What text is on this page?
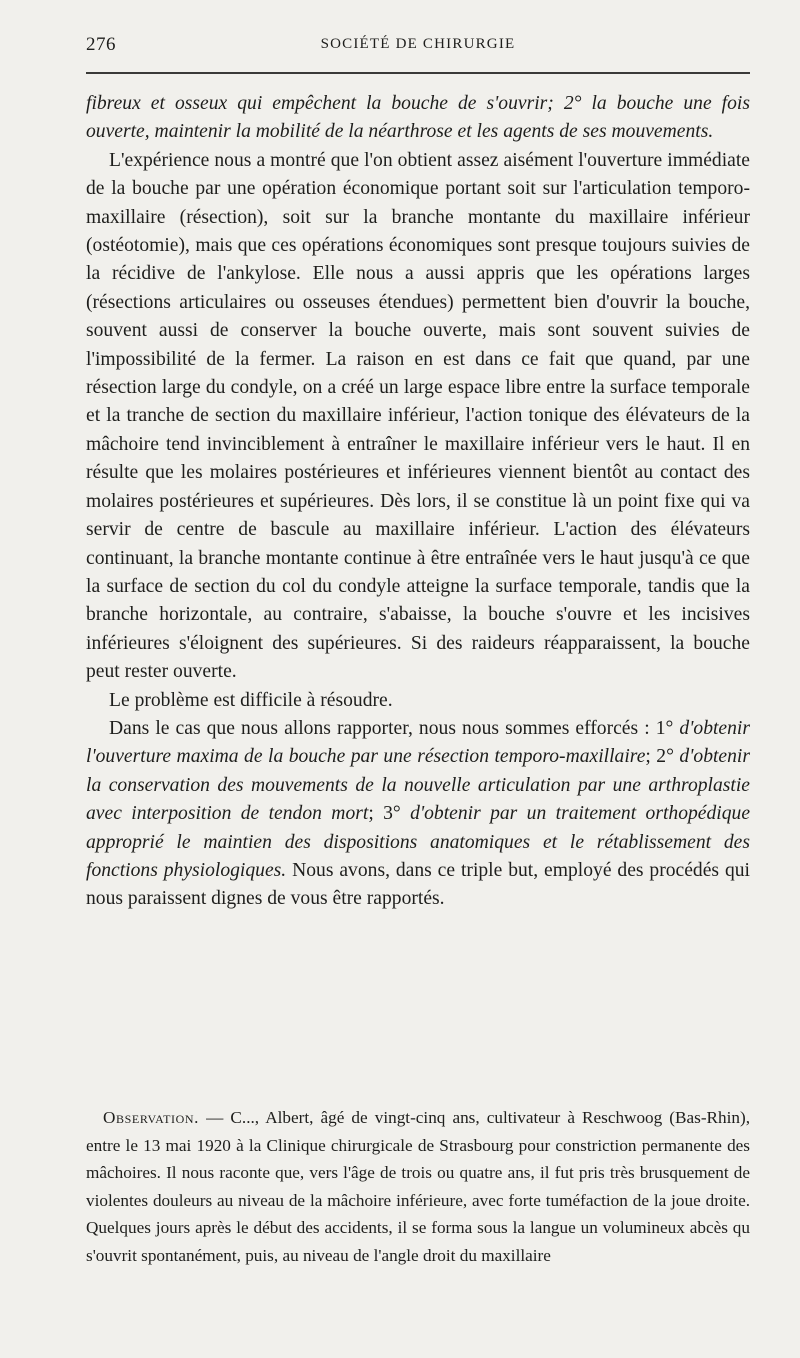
276	SOCIÉTÉ DE CHIRURGIE

fibreux et osseux qui empêchent la bouche de s'ouvrir; 2° la bouche une fois ouverte, maintenir la mobilité de la néarthrose et les agents de ses mouvements.

L'expérience nous a montré que l'on obtient assez aisément l'ouverture immédiate de la bouche par une opération économique portant soit sur l'articulation temporo-maxillaire (résection), soit sur la branche montante du maxillaire inférieur (ostéotomie), mais que ces opérations économiques sont presque toujours suivies de la récidive de l'ankylose. Elle nous a aussi appris que les opérations larges (résections articulaires ou osseuses étendues) permettent bien d'ouvrir la bouche, souvent aussi de conserver la bouche ouverte, mais sont souvent suivies de l'impossibilité de la fermer. La raison en est dans ce fait que quand, par une résection large du condyle, on a créé un large espace libre entre la surface temporale et la tranche de section du maxillaire inférieur, l'action tonique des élévateurs de la mâchoire tend invinciblement à entraîner le maxillaire inférieur vers le haut. Il en résulte que les molaires postérieures et inférieures viennent bientôt au contact des molaires postérieures et supérieures. Dès lors, il se constitue là un point fixe qui va servir de centre de bascule au maxillaire inférieur. L'action des élévateurs continuant, la branche montante continue à être entraînée vers le haut jusqu'à ce que la surface de section du col du condyle atteigne la surface temporale, tandis que la branche horizontale, au contraire, s'abaisse, la bouche s'ouvre et les incisives inférieures s'éloignent des supérieures. Si des raideurs réapparaissent, la bouche peut rester ouverte.

Le problème est difficile à résoudre.

Dans le cas que nous allons rapporter, nous nous sommes efforcés : 1° d'obtenir l'ouverture maxima de la bouche par une résection temporo-maxillaire; 2° d'obtenir la conservation des mouvements de la nouvelle articulation par une arthroplastie avec interposition de tendon mort; 3° d'obtenir par un traitement orthopédique approprié le maintien des dispositions anatomiques et le rétablissement des fonctions physiologiques. Nous avons, dans ce triple but, employé des procédés qui nous paraissent dignes de vous être rapportés.

Observation. — C..., Albert, âgé de vingt-cinq ans, cultivateur à Reschwoog (Bas-Rhin), entre le 13 mai 1920 à la Clinique chirurgicale de Strasbourg pour constriction permanente des mâchoires. Il nous raconte que, vers l'âge de trois ou quatre ans, il fut pris très brusquement de violentes douleurs au niveau de la mâchoire inférieure, avec forte tuméfaction de la joue droite. Quelques jours après le début des accidents, il se forma sous la langue un volumineux abcès qu s'ouvrit spontanément, puis, au niveau de l'angle droit du maxillaire
